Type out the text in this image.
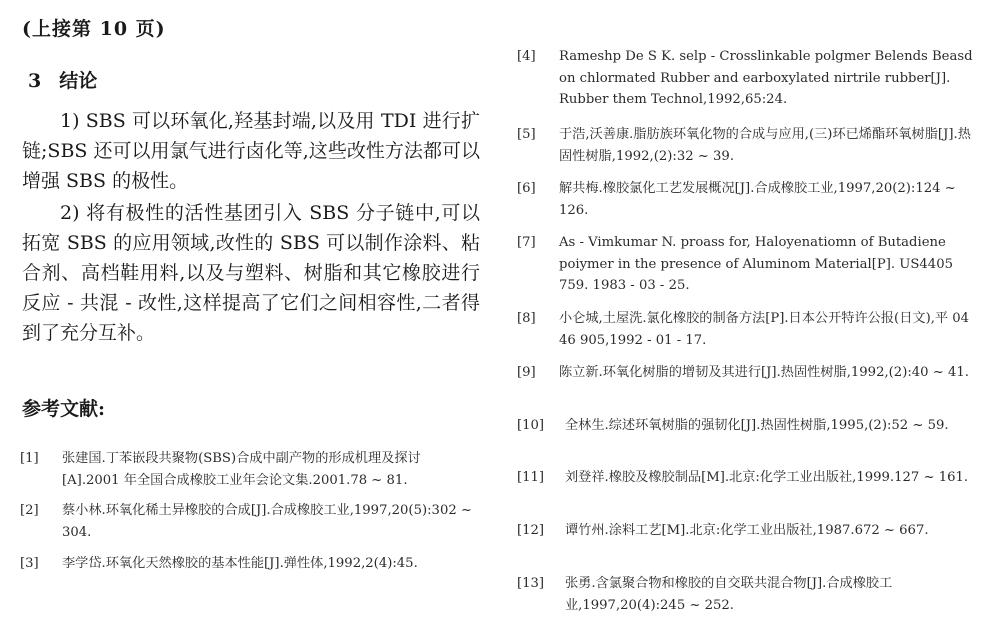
(上接第 10 页)
3 结论
1) SBS 可以环氧化,羟基封端,以及用 TDI 进行扩链;SBS 还可以用氯气进行卤化等,这些改性方法都可以增强 SBS 的极性。
2) 将有极性的活性基团引入 SBS 分子链中,可以拓宽 SBS 的应用领域,改性的 SBS 可以制作涂料、粘合剂、高档鞋用料,以及与塑料、树脂和其它橡胶进行反应 - 共混 - 改性,这样提高了它们之间相容性,二者得到了充分互补。
参考文献:
[1] 张建国.丁苯嵌段共聚物(SBS)合成中副产物的形成机理及探讨[A].2001 年全国合成橡胶工业年会论文集.2001.78 ~ 81.
[2] 蔡小林.环氧化稀土异橡胶的合成[J].合成橡胶工业,1997,20(5):302 ~ 304.
[3] 李学岱.环氧化天然橡胶的基本性能[J].弹性体,1992,2(4):45.
[4] Rameshp De S K. selp - Crosslinkable polgmer Belends Beasd on chlormated Rubber and earboxylated nirtrile rubber[J]. Rubber them Technol,1992,65:24.
[5] 于浩,沃善康.脂肪族环氧化物的合成与应用,(三)环已烯酯环氧树脂[J].热固性树脂,1992,(2):32 ~ 39.
[6] 解共梅.橡胶氯化工艺发展概况[J].合成橡胶工业,1997,20(2):124 ~ 126.
[7] As - Vimkumar N. proass for, Haloyenatiomn of Butadiene poiymer in the presence of Aluminom Material[P]. US4405 759. 1983 - 03 - 25.
[8] 小仑城,土屋洗.氯化橡胶的制备方法[P].日本公开特许公报(日文),平 04 46 905,1992 - 01 - 17.
[9] 陈立新.环氧化树脂的增韧及其进行[J].热固性树脂,1992,(2):40 ~ 41.
[10] 全林生.综述环氧树脂的强韧化[J].热固性树脂,1995,(2):52 ~ 59.
[11] 刘登祥.橡胶及橡胶制品[M].北京:化学工业出版社,1999.127 ~ 161.
[12] 谭竹州.涂料工艺[M].北京:化学工业出版社,1987.672 ~ 667.
[13] 张勇.含氯聚合物和橡胶的自交联共混合物[J].合成橡胶工业,1997,20(4):245 ~ 252.
